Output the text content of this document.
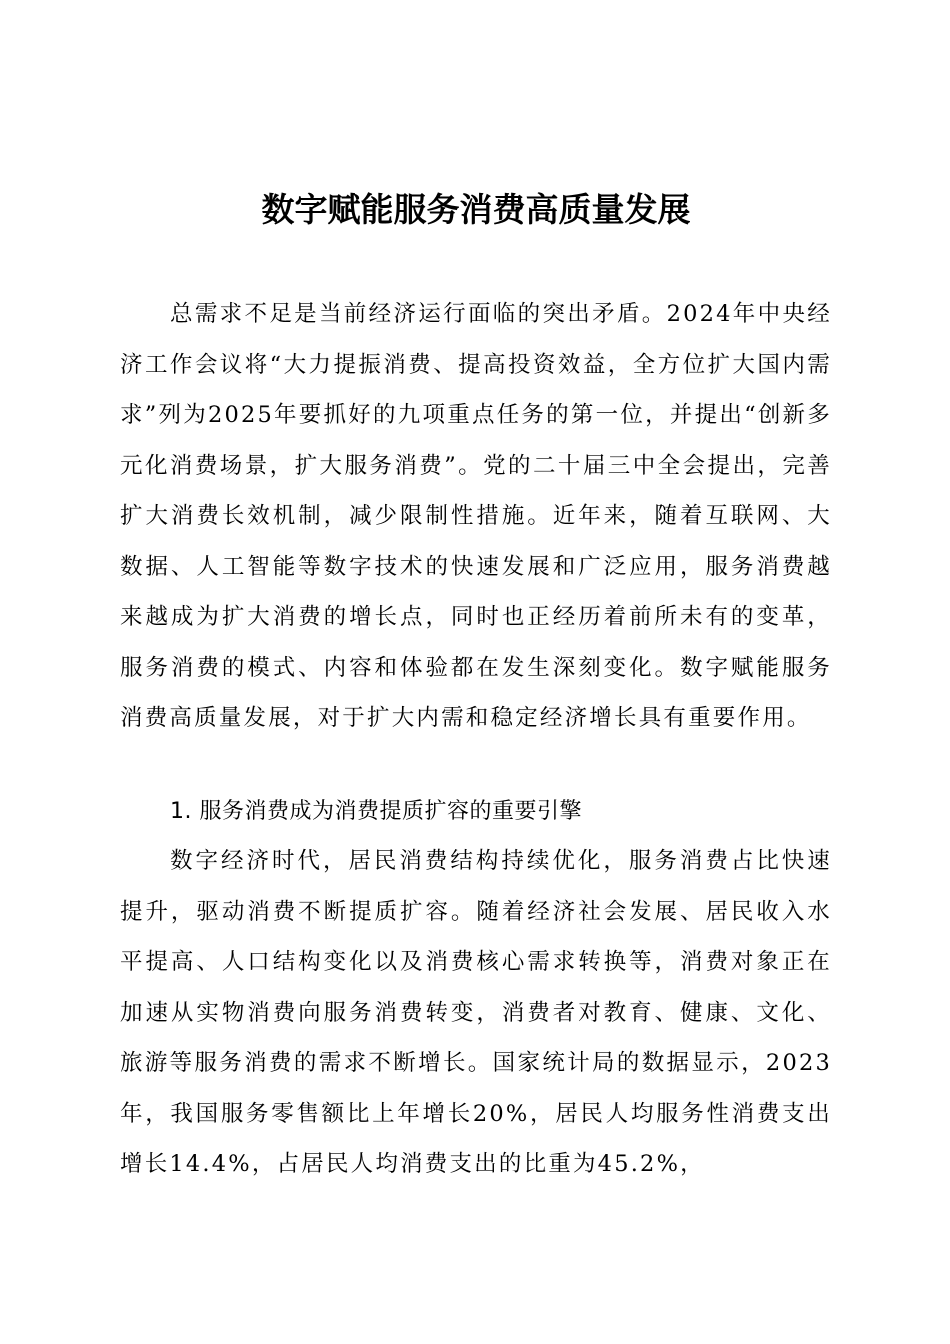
数字赋能服务消费高质量发展

总需求不足是当前经济运行面临的突出矛盾。2024年中央经济工作会议将“大力提振消费、提高投资效益，全方位扩大国内需求”列为2025年要抓好的九项重点任务的第一位，并提出“创新多元化消费场景，扩大服务消费”。党的二十届三中全会提出，完善扩大消费长效机制，减少限制性措施。近年来，随着互联网、大数据、人工智能等数字技术的快速发展和广泛应用，服务消费越来越成为扩大消费的增长点，同时也正经历着前所未有的变革，服务消费的模式、内容和体验都在发生深刻变化。数字赋能服务消费高质量发展，对于扩大内需和稳定经济增长具有重要作用。

1. 服务消费成为消费提质扩容的重要引擎

数字经济时代，居民消费结构持续优化，服务消费占比快速提升，驱动消费不断提质扩容。随着经济社会发展、居民收入水平提高、人口结构变化以及消费核心需求转换等，消费对象正在加速从实物消费向服务消费转变，消费者对教育、健康、文化、旅游等服务消费的需求不断增长。国家统计局的数据显示，2023年，我国服务零售额比上年增长20%，居民人均服务性消费支出增长14.4%，占居民人均消费支出的比重为45.2%，
